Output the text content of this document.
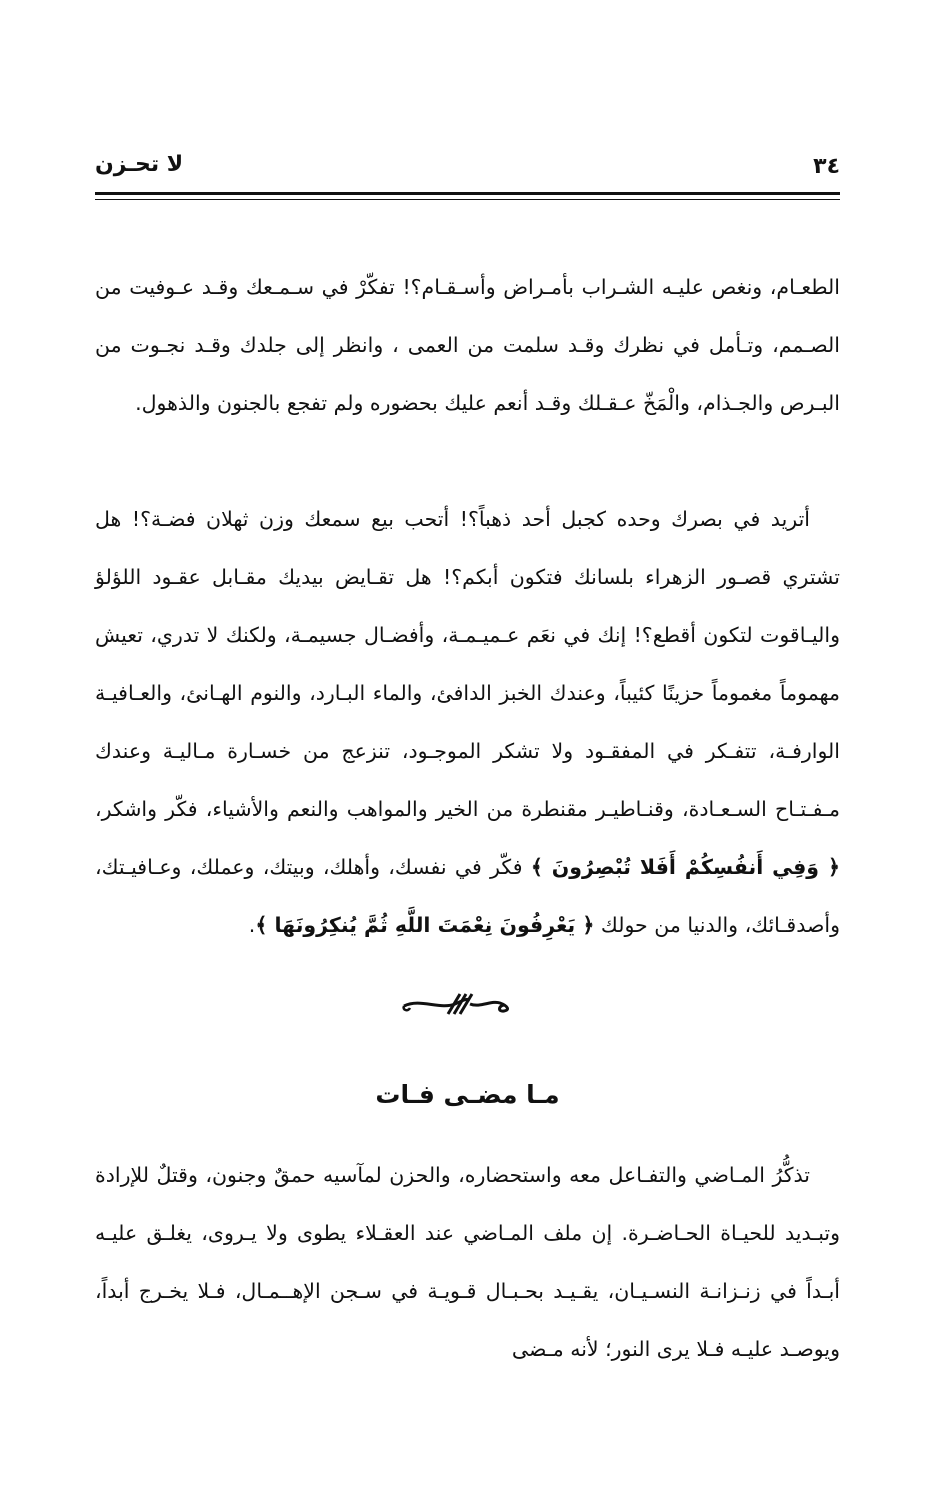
٣٤
لا تحـزن

الطعـام، ونغص عليـه الشـراب بأمـراض وأسـقـام؟! تفكّرْ في سـمـعك وقـد عـوفيت من الصـمم، وتـأمل في نظرك وقـد سلمت من العمى ، وانظر إلى جلدك وقـد نجـوت من البـرص والجـذام، والْمَخّ عـقـلك وقـد أنعم عليك بحضوره ولم تفجع بالجنون والذهول.

أتريد في بصرك وحده كجبل أحد ذهباً؟! أتحب بيع سمعك وزن ثهلان فضـة؟! هل تشتري قصـور الزهراء بلسانك فتكون أبكم؟! هل تقـايض بيديك مقـابل عقـود اللؤلؤ واليـاقوت لتكون أقطع؟! إنك في نعَم عـميـمـة، وأفضـال جسيمـة، ولكنك لا تدري، تعيش مهموماً مغموماً حزينًا كئيباً، وعندك الخبز الدافئ، والماء البـارد، والنوم الهـانئ، والعـافيـة الوارفـة، تتفـكر في المفقـود ولا تشكر الموجـود، تنزعج من خسـارة مـاليـة وعندك مـفـتـاح السـعـادة، وقنـاطيـر مقنطرة من الخير والمواهب والنعم والأشياء، فكّر واشكر، ﴿ وَفِي أَنفُسِكُمْ أَفَلا تُبْصِرُونَ ﴾ فكّر في نفسك، وأهلك، وبيتك، وعملك، وعـافيـتك، وأصدقـائك، والدنيا من حولك ﴿ يَعْرِفُونَ نِعْمَتَ اللَّهِ ثُمَّ يُنكِرُونَهَا ﴾.

مـا مضـى فـات

تذكُّرُ المـاضي والتفـاعل معه واستحضاره، والحزن لمآسيه حمقٌ وجنون، وقتلٌ للإرادة وتبـديد للحيـاة الحـاضـرة. إن ملف المـاضي عند العقـلاء يطوى ولا يـروى، يغلـق عليـه أبـداً في زنـزانـة النسـيـان، يقـيـد بحـبـال قـويـة في سـجن الإهــمـال، فـلا يخـرج أبداً، ويوصـد عليـه فـلا يرى النور؛ لأنه مـضى
